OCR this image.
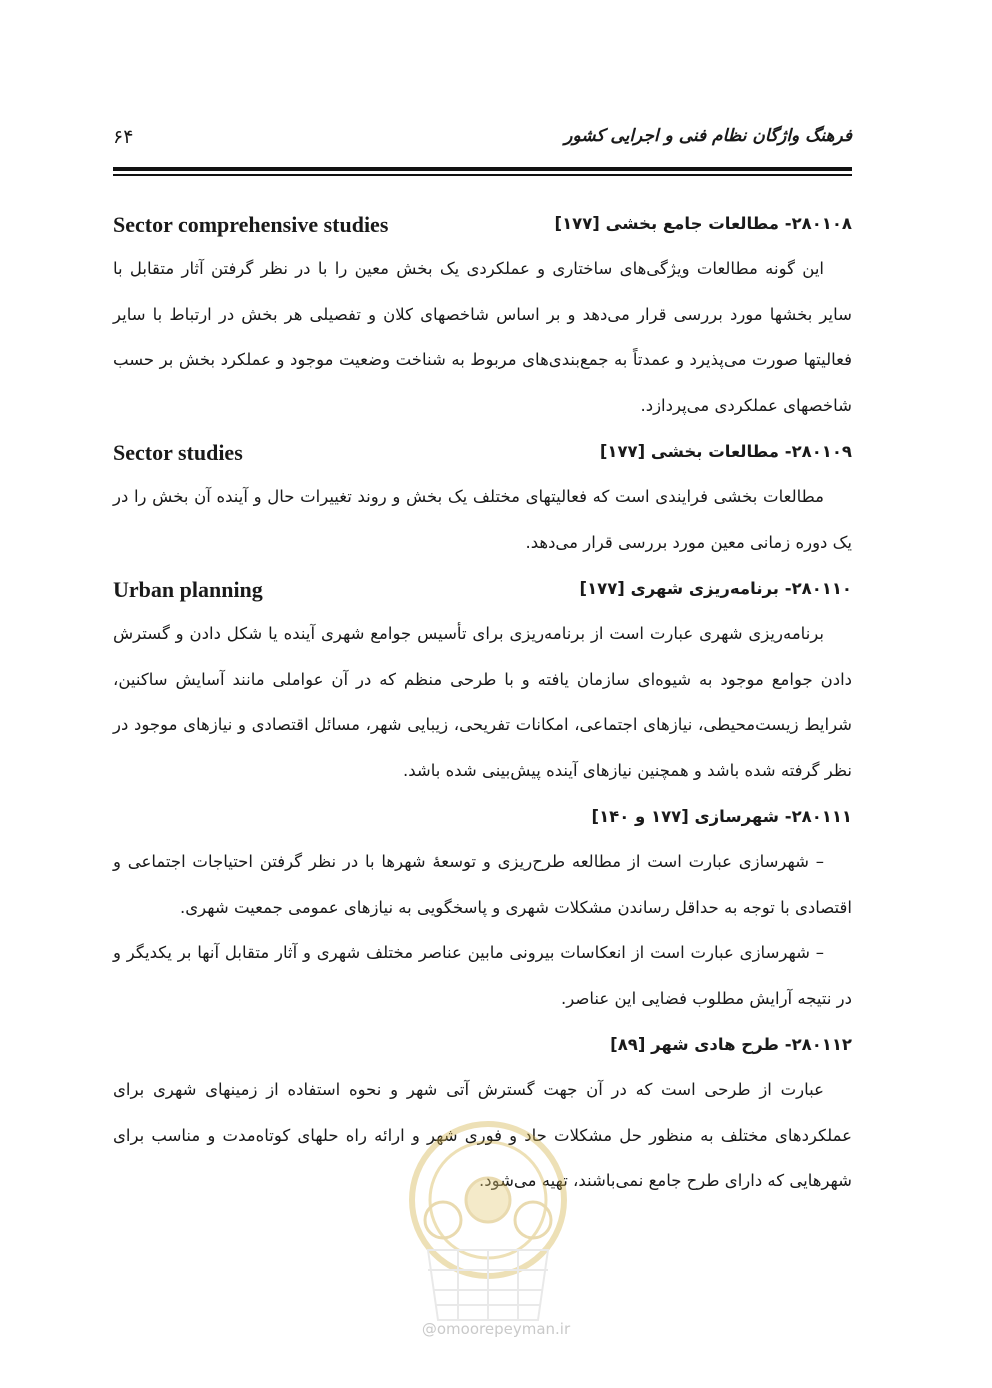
۶۴	فرهنگ واژگان نظام فنی و اجرایی کشور
۲۸۰۱۰۸- مطالعات جامع بخشی [۱۷۷]
Sector comprehensive studies

این گونه مطالعات ویژگی‌های ساختاری و عملکردی یک بخش معین را با در نظر گرفتن آثار متقابل با سایر بخشها مورد بررسی قرار می‌دهد و بر اساس شاخصهای کلان و تفصیلی هر بخش در ارتباط با سایر فعالیتها صورت می‌پذیرد و عمدتاً به جمع‌بندی‌های مربوط به شناخت وضعیت موجود و عملکرد بخش بر حسب شاخصهای عملکردی می‌پردازد.

۲۸۰۱۰۹- مطالعات بخشی [۱۷۷]
Sector studies

مطالعات بخشی فرایندی است که فعالیتهای مختلف یک بخش و روند تغییرات حال و آینده آن بخش را در یک دوره زمانی معین مورد بررسی قرار می‌دهد.

۲۸۰۱۱۰- برنامه‌ریزی شهری [۱۷۷]
Urban planning

برنامه‌ریزی شهری عبارت است از برنامه‌ریزی برای تأسیس جوامع شهری آینده یا شکل دادن و گسترش دادن جوامع موجود به شیوه‌ای سازمان یافته و با طرحی منظم که در آن عواملی مانند آسایش ساکنین، شرایط زیست‌محیطی، نیازهای اجتماعی، امکانات تفریحی، زیبایی شهر، مسائل اقتصادی و نیازهای موجود در نظر گرفته شده باشد و همچنین نیازهای آینده پیش‌بینی شده باشد.

۲۸۰۱۱۱- شهرسازی [۱۷۷ و ۱۴۰]

– شهرسازی عبارت است از مطالعه طرح‌ریزی و توسعهٔ شهرها با در نظر گرفتن احتیاجات اجتماعی و اقتصادی با توجه به حداقل رساندن مشکلات شهری و پاسخگویی به نیازهای عمومی جمعیت شهری.

– شهرسازی عبارت است از انعکاسات بیرونی مابین عناصر مختلف شهری و آثار متقابل آنها بر یکدیگر و در نتیجه آرایش مطلوب فضایی این عناصر.

۲۸۰۱۱۲- طرح هادی شهر [۸۹]

عبارت از طرحی است که در آن جهت گسترش آتی شهر و نحوه استفاده از زمینهای شهری برای عملکردهای مختلف به منظور حل مشکلات حاد و فوری شهر و ارائه راه حلهای کوتاه‌مدت و مناسب برای شهرهایی که دارای طرح جامع نمی‌باشند، تهیه می‌شود.

@omoorepeyman.ir
